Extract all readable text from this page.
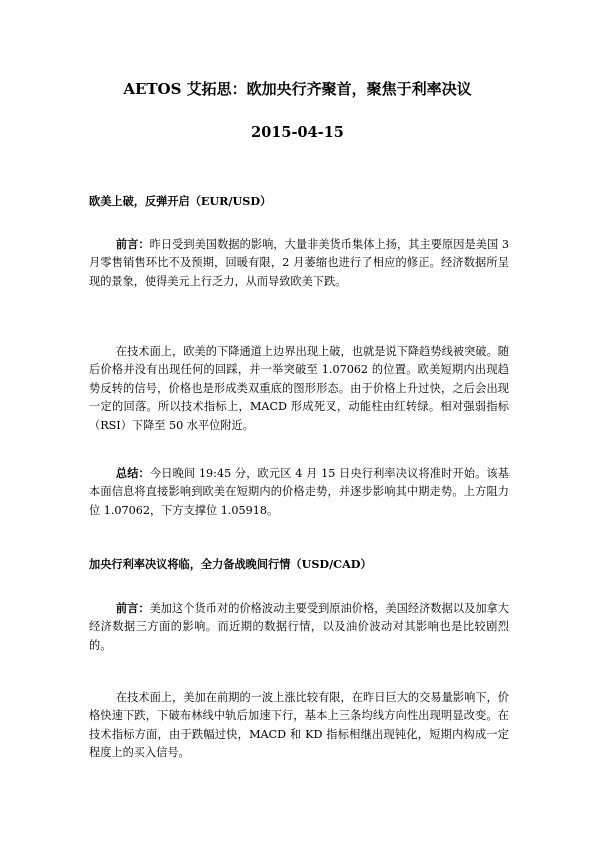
AETOS 艾拓思：欧加央行齐聚首，聚焦于利率决议
2015-04-15
欧美上破，反弹开启（EUR/USD）

前言：昨日受到美国数据的影响，大量非美货币集体上扬，其主要原因是美国 3 月零售销售环比不及预期，回暖有限，2 月萎缩也进行了相应的修正。经济数据所呈现的景象，使得美元上行乏力，从而导致欧美下跌。

在技术面上，欧美的下降通道上边界出现上破，也就是说下降趋势线被突破。随后价格并没有出现任何的回踩，并一举突破至 1.07062 的位置。欧美短期内出现趋势反转的信号，价格也是形成类双重底的图形形态。由于价格上升过快，之后会出现一定的回落。所以技术指标上，MACD 形成死叉，动能柱由红转绿。相对强弱指标（RSI）下降至 50 水平位附近。

总结：今日晚间 19:45 分，欧元区 4 月 15 日央行利率决议将准时开始。该基本面信息将直接影响到欧美在短期内的价格走势，并逐步影响其中期走势。上方阻力位 1.07062，下方支撑位 1.05918。

加央行利率决议将临，全力备战晚间行情（USD/CAD）

前言：美加这个货币对的价格波动主要受到原油价格，美国经济数据以及加拿大经济数据三方面的影响。而近期的数据行情，以及油价波动对其影响也是比较剧烈的。

在技术面上，美加在前期的一波上涨比较有限，在昨日巨大的交易量影响下，价格快速下跌，下破布林线中轨后加速下行，基本上三条均线方向性出现明显改变。在技术指标方面，由于跌幅过快，MACD 和 KD 指标相继出现钝化，短期内构成一定程度上的买入信号。
